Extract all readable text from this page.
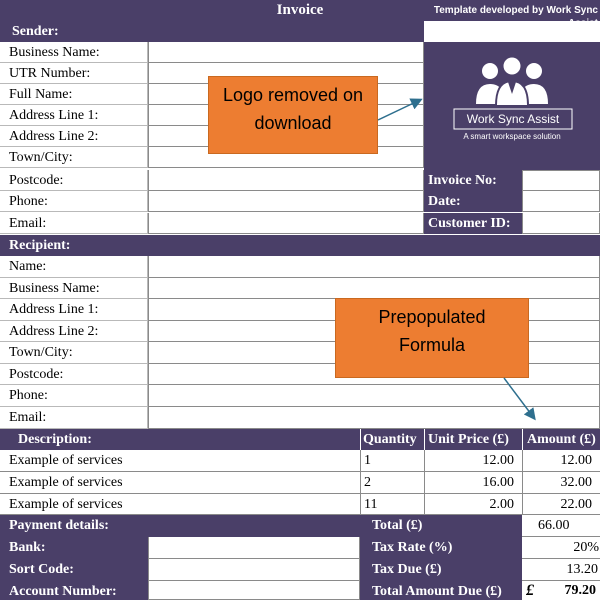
Invoice	Template developed by Work Sync Assist
Sender:
Business Name:
UTR Number:
Full Name:
Address Line 1:
Address Line 2:
Town/City:
Postcode:
Phone:
Email:
Work Sync Assist
A smart workspace solution
Invoice No:
Date:
Customer ID:
Recipient:
Name:
Business Name:
Address Line 1:
Address Line 2:
Town/City:
Postcode:
Phone:
Email:
Description:	Quantity Unit Price (£)	Amount (£)
Example of services	1	12.00	12.00
Example of services	2	16.00	32.00
Example of services	11	2.00	22.00
Payment details:
Bank:
Sort Code:
Account Number:
Total (£)	66.00
Tax Rate (%)	20%
Tax Due (£)	13.20
Total Amount Due (£)	£	79.20
Logo removed on download
Prepopulated Formula
